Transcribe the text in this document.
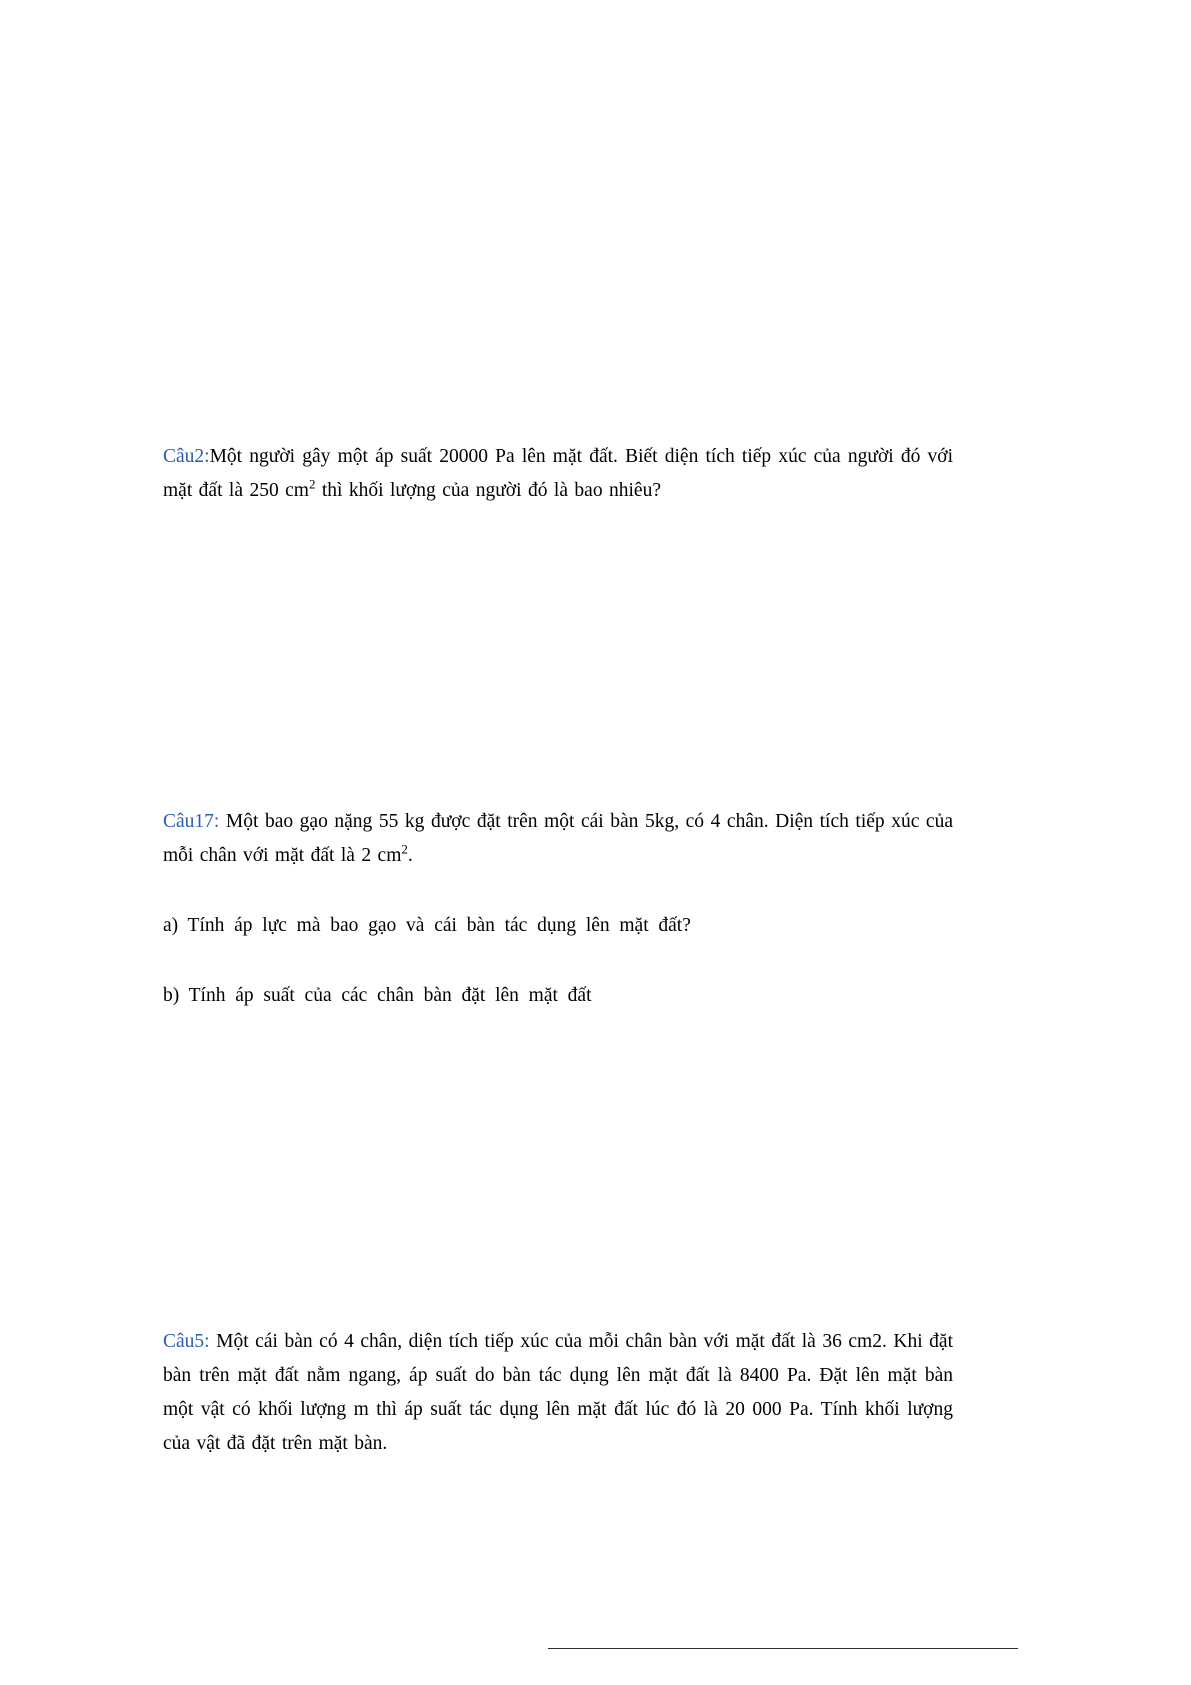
Câu2:Một người gây một áp suất 20000 Pa lên mặt đất. Biết diện tích tiếp xúc của người đó với mặt đất là 250 $cm^2$ thì khối lượng của người đó là bao nhiêu?

Câu17: Một bao gạo nặng 55 kg được đặt trên một cái bàn 5kg, có 4 chân. Diện tích tiếp xúc của mỗi chân với mặt đất là 2 $cm^2$.

a) Tính áp lực mà bao gạo và cái bàn tác dụng lên mặt đất?

b) Tính áp suất của các chân bàn đặt lên mặt đất

Câu5: Một cái bàn có 4 chân, diện tích tiếp xúc của mỗi chân bàn với mặt đất là 36 cm2. Khi đặt bàn trên mặt đất nằm ngang, áp suất do bàn tác dụng lên mặt đất là 8400 Pa. Đặt lên mặt bàn một vật có khối lượng m thì áp suất tác dụng lên mặt đất lúc đó là 20 000 Pa. Tính khối lượng của vật đã đặt trên mặt bàn.
